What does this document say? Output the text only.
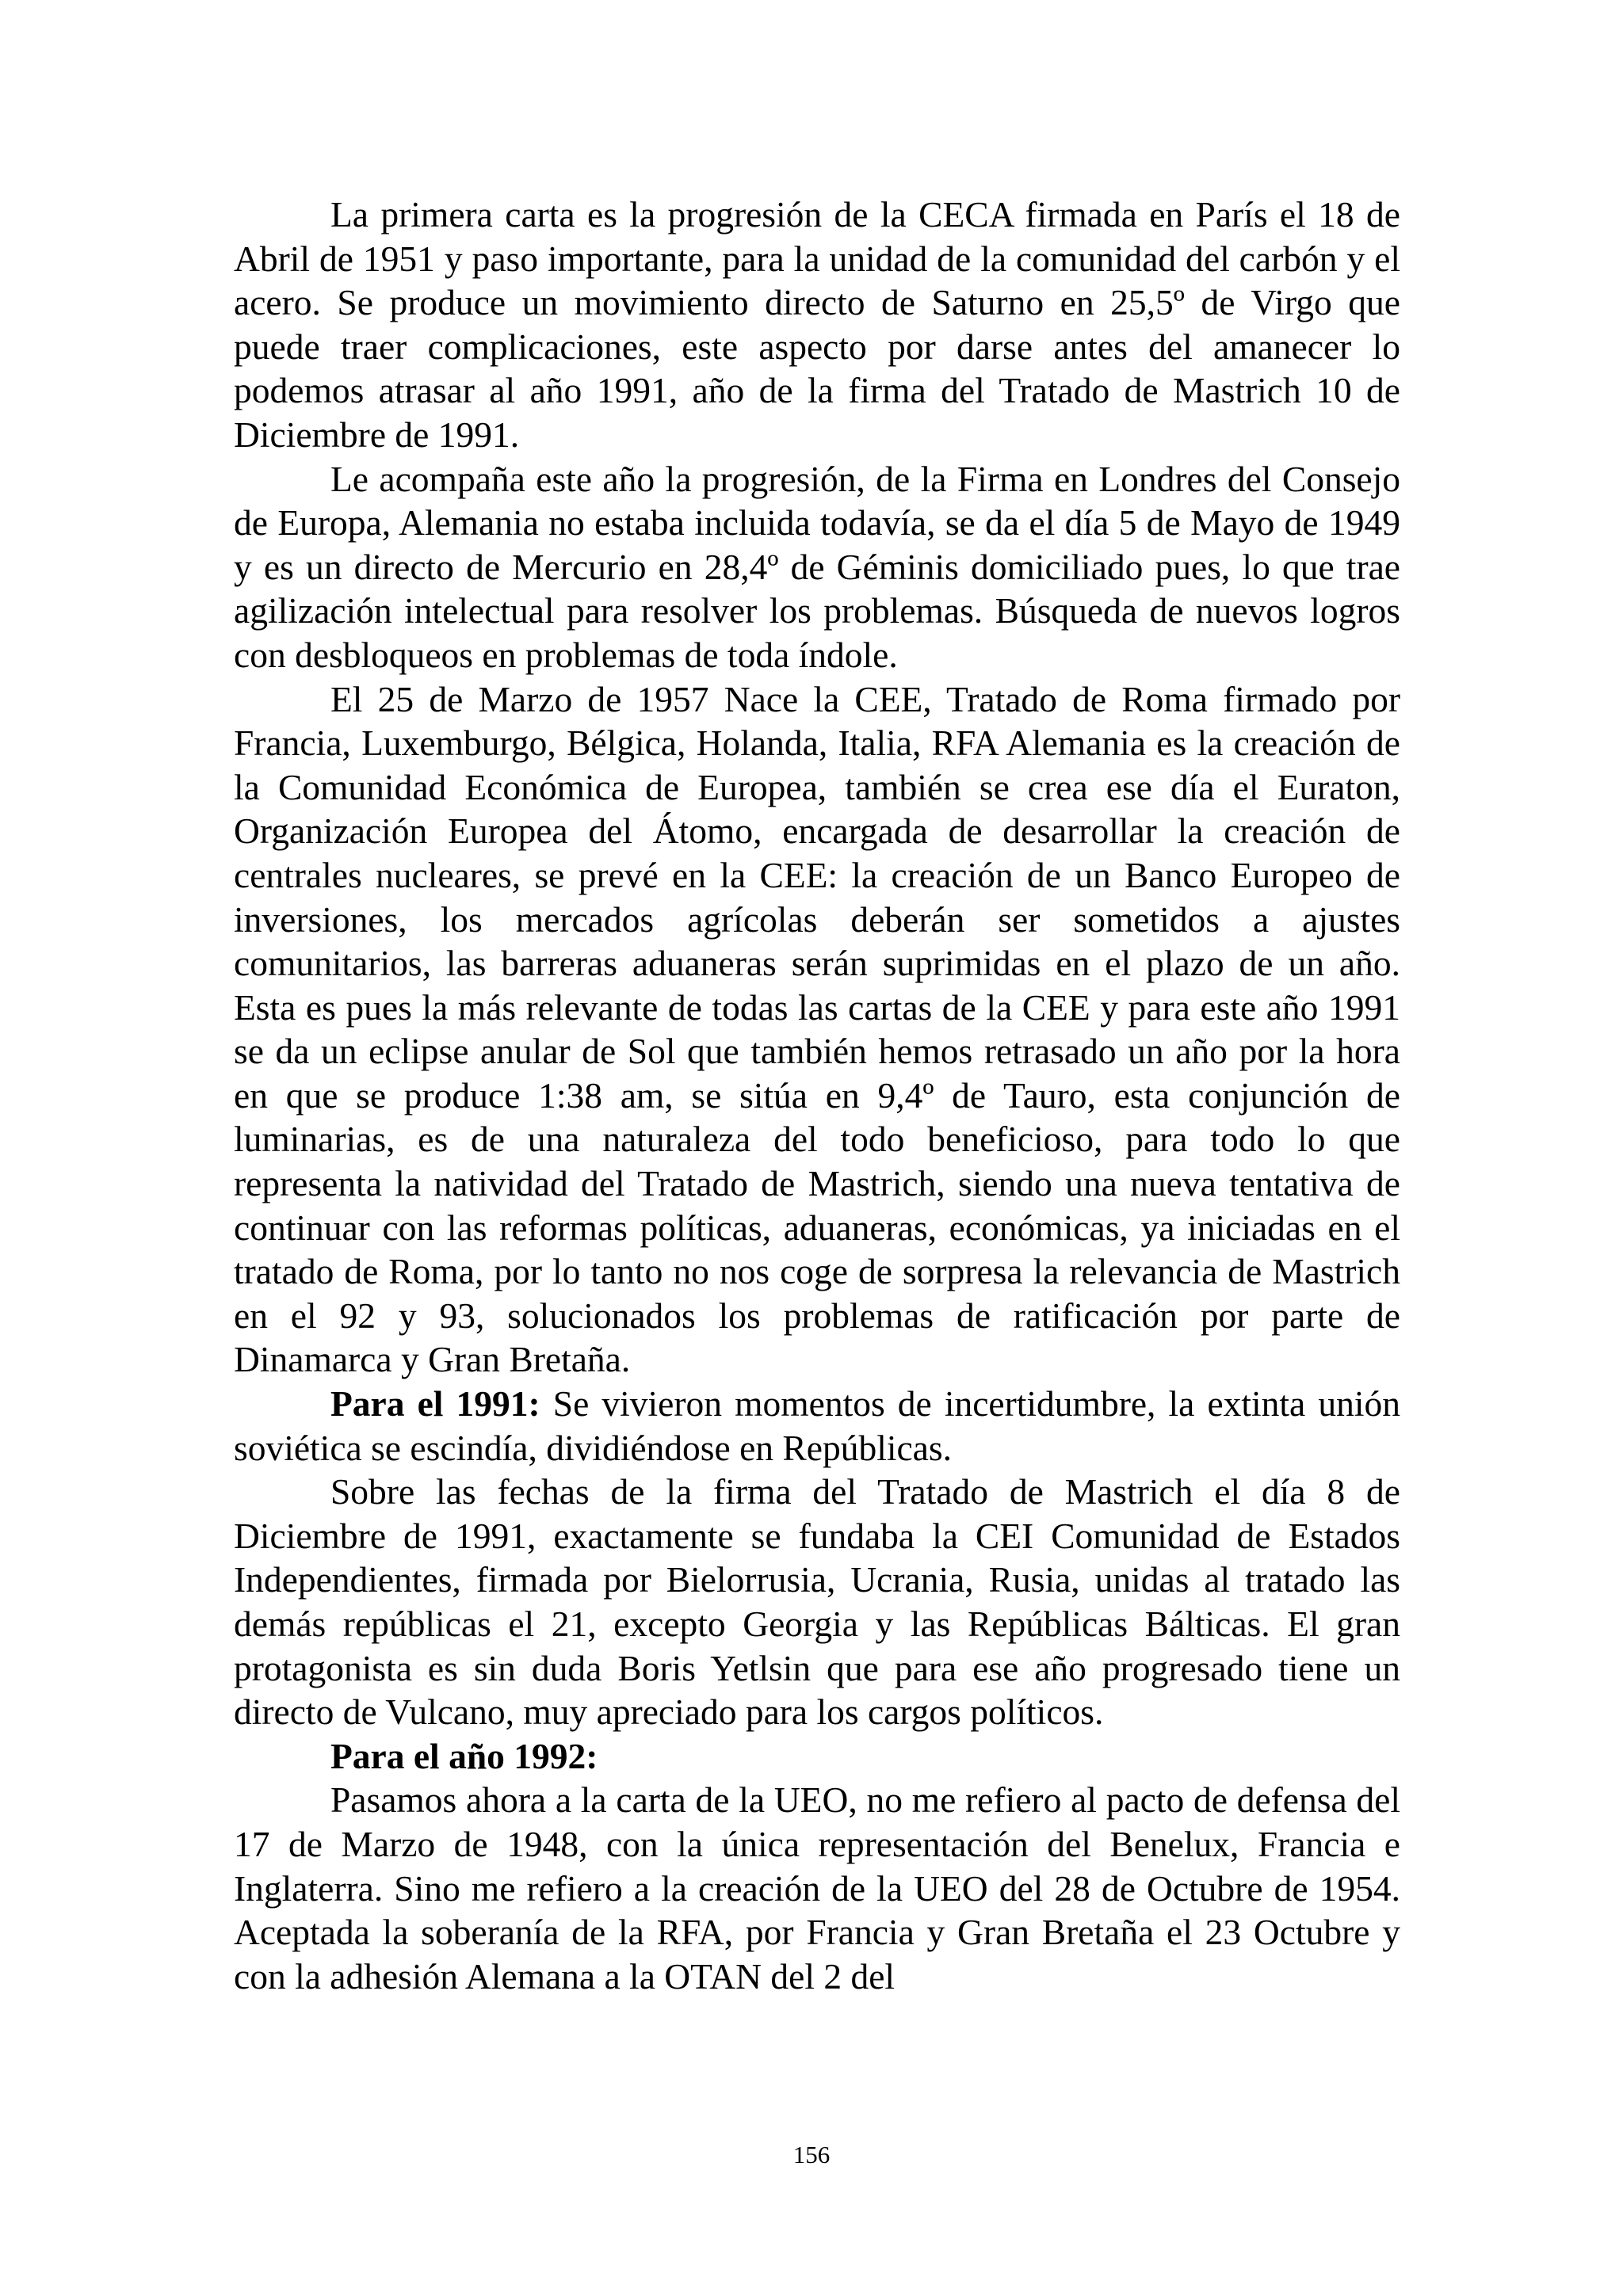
La primera carta es la progresión de la CECA firmada en París el 18 de Abril de 1951 y paso importante, para la unidad de la comunidad del carbón y el acero. Se produce un movimiento directo de Saturno en 25,5º de Virgo que puede traer complicaciones, este aspecto por darse antes del amanecer lo podemos atrasar al año 1991, año de la firma del Tratado de Mastrich 10 de Diciembre de 1991.

Le acompaña este año la progresión, de la Firma en Londres del Consejo de Europa, Alemania no estaba incluida todavía, se da el día 5 de Mayo de 1949 y es un directo de Mercurio en 28,4º de Géminis domiciliado pues, lo que trae agilización intelectual para resolver los problemas. Búsqueda de nuevos logros con desbloqueos en problemas de toda índole.

El 25 de Marzo de 1957 Nace la CEE, Tratado de Roma firmado por Francia, Luxemburgo, Bélgica, Holanda, Italia, RFA Alemania es la creación de la Comunidad Económica de Europea, también se crea ese día el Euraton, Organización Europea del Átomo, encargada de desarrollar la creación de centrales nucleares, se prevé en la CEE: la creación de un Banco Europeo de inversiones, los mercados agrícolas deberán ser sometidos a ajustes comunitarios, las barreras aduaneras serán suprimidas en el plazo de un año. Esta es pues la más relevante de todas las cartas de la CEE y para este año 1991 se da un eclipse anular de Sol que también hemos retrasado un año por la hora en que se produce 1:38 am, se sitúa en 9,4º de Tauro, esta conjunción de luminarias, es de una naturaleza del todo beneficioso, para todo lo que representa la natividad del Tratado de Mastrich, siendo una nueva tentativa de continuar con las reformas políticas, aduaneras, económicas, ya iniciadas en el tratado de Roma, por lo tanto no nos coge de sorpresa la relevancia de Mastrich en el 92 y 93, solucionados los problemas de ratificación por parte de Dinamarca y Gran Bretaña.

Para el 1991: Se vivieron momentos de incertidumbre, la extinta unión soviética se escindía, dividiéndose en Repúblicas.

Sobre las fechas de la firma del Tratado de Mastrich el día 8 de Diciembre de 1991, exactamente se fundaba la CEI Comunidad de Estados Independientes, firmada por Bielorrusia, Ucrania, Rusia, unidas al tratado las demás repúblicas el 21, excepto Georgia y las Repúblicas Bálticas. El gran protagonista es sin duda Boris Yetlsin que para ese año progresado tiene un directo de Vulcano, muy apreciado para los cargos políticos.

Para el año 1992:

Pasamos ahora a la carta de la UEO, no me refiero al pacto de defensa del 17 de Marzo de 1948, con la única representación del Benelux, Francia e Inglaterra. Sino me refiero a la creación de la UEO del 28 de Octubre de 1954. Aceptada la soberanía de la RFA, por Francia y Gran Bretaña el 23 Octubre y con la adhesión Alemana a la OTAN del 2 del

156
